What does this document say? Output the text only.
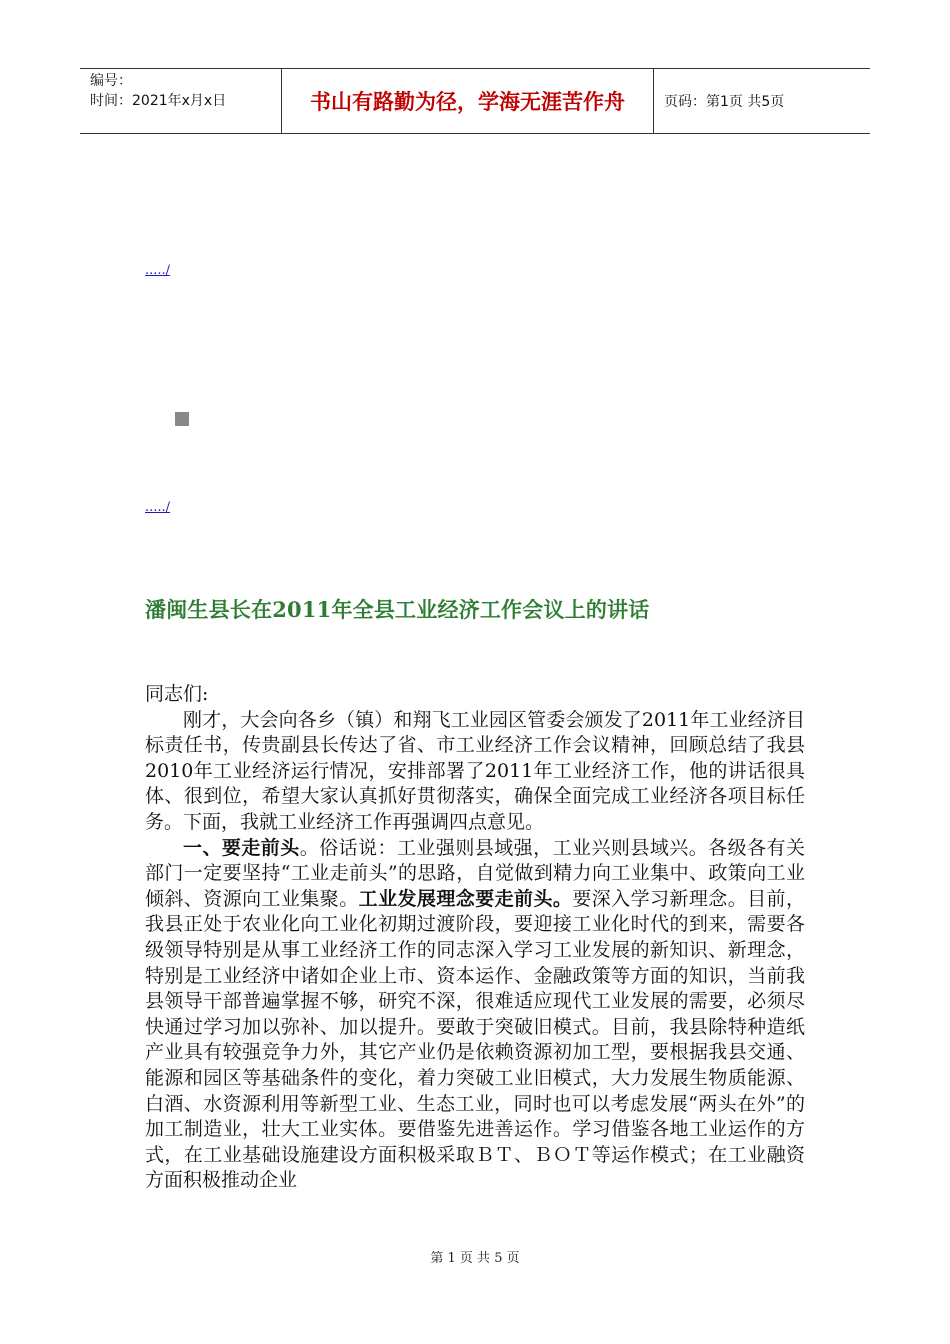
编号：
时间：2021年x月x日	书山有路勤为径，学海无涯苦作舟	页码：第1页 共5页
...../
...../
潘闽生县长在2011年全县工业经济工作会议上的讲话

同志们:

刚才，大会向各乡（镇）和翔飞工业园区管委会颁发了2011年工业经济目标责任书，传贵副县长传达了省、市工业经济工作会议精神，回顾总结了我县2010年工业经济运行情况，安排部署了2011年工业经济工作，他的讲话很具体、很到位，希望大家认真抓好贯彻落实，确保全面完成工业经济各项目标任务。下面，我就工业经济工作再强调四点意见。

一、要走前头。俗话说：工业强则县域强，工业兴则县域兴。各级各有关部门一定要坚持“工业走前头”的思路，自觉做到精力向工业集中、政策向工业倾斜、资源向工业集聚。工业发展理念要走前头。要深入学习新理念。目前，我县正处于农业化向工业化初期过渡阶段，要迎接工业化时代的到来，需要各级领导特别是从事工业经济工作的同志深入学习工业发展的新知识、新理念，特别是工业经济中诸如企业上市、资本运作、金融政策等方面的知识，当前我县领导干部普遍掌握不够，研究不深，很难适应现代工业发展的需要，必须尽快通过学习加以弥补、加以提升。要敢于突破旧模式。目前，我县除特种造纸产业具有较强竞争力外，其它产业仍是依赖资源初加工型，要根据我县交通、能源和园区等基础条件的变化，着力突破工业旧模式，大力发展生物质能源、白酒、水资源利用等新型工业、生态工业，同时也可以考虑发展“两头在外”的加工制造业，壮大工业实体。要借鉴先进善运作。学习借鉴各地工业运作的方式，在工业基础设施建设方面积极采取ＢＴ、ＢＯＴ等运作模式；在工业融资方面积极推动企业

第 1 页 共 5 页
